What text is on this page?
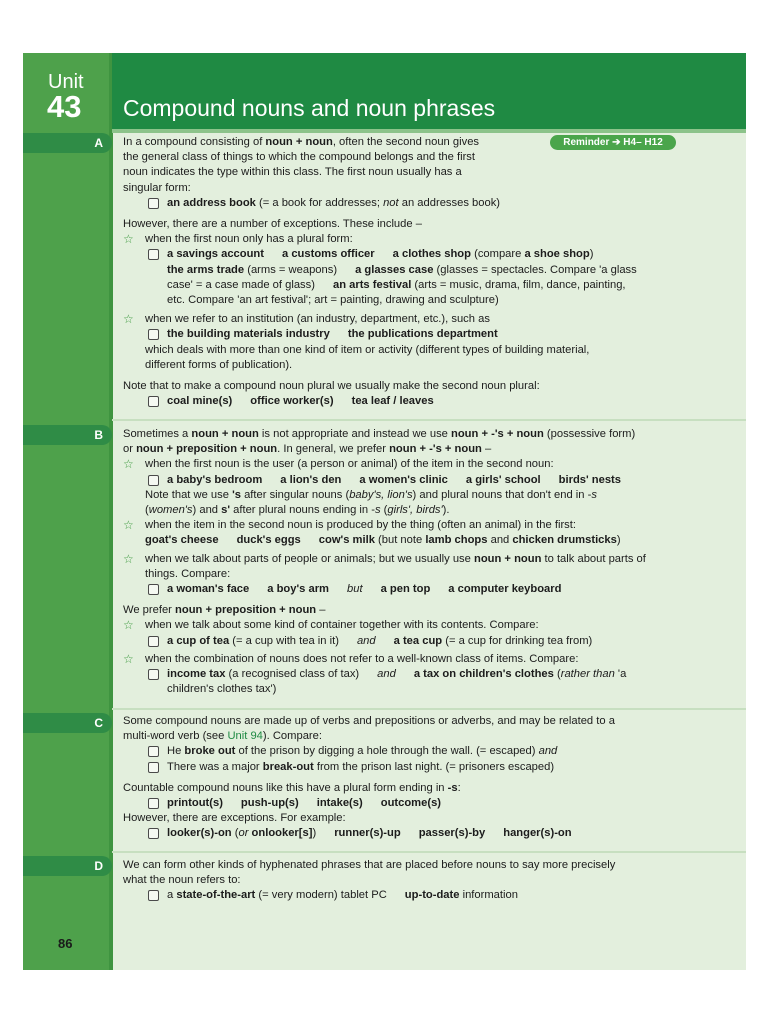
Unit
43 Compound nouns and noun phrases
A
B
C
D
Reminder ➔ H4– H12

In a compound consisting of noun + noun, often the second noun gives
the general class of things to which the compound belongs and the first
noun indicates the type within this class. The first noun usually has a
singular form:

an address book (= a book for addresses; not an addresses book)

However, there are a number of exceptions. These include –

☆ when the first noun only has a plural form:

a savings account a customs officer a clothes shop (compare a shoe shop)

the arms trade (arms = weapons) a glasses case (glasses = spectacles. Compare 'a glass
case' = a case made of glass) an arts festival (arts = music, drama, film, dance, painting,
etc. Compare 'an art festival'; art = painting, drawing and sculpture)

☆ when we refer to an institution (an industry, department, etc.), such as

the building materials industry the publications department

which deals with more than one kind of item or activity (different types of building material,
different forms of publication).

Note that to make a compound noun plural we usually make the second noun plural:

coal mine(s) office worker(s) tea leaf / leaves

Sometimes a noun + noun is not appropriate and instead we use noun + -'s + noun (possessive form)
or noun + preposition + noun. In general, we prefer noun + -'s + noun –

☆ when the first noun is the user (a person or animal) of the item in the second noun:

a baby's bedroom a lion's den a women's clinic a girls' school birds' nests

Note that we use 's after singular nouns (baby's, lion's) and plural nouns that don't end in -s
(women's) and s' after plural nouns ending in -s (girls', birds').

☆ when the item in the second noun is produced by the thing (often an animal) in the first:

goat's cheese duck's eggs cow's milk (but note lamb chops and chicken drumsticks)

☆ when we talk about parts of people or animals; but we usually use noun + noun to talk about parts of
things. Compare:

a woman's face a boy's arm but a pen top a computer keyboard

We prefer noun + preposition + noun –

☆ when we talk about some kind of container together with its contents. Compare:

a cup of tea (= a cup with tea in it) and a tea cup (= a cup for drinking tea from)

☆ when the combination of nouns does not refer to a well-known class of items. Compare:

income tax (a recognised class of tax) and a tax on children's clothes (rather than 'a
children's clothes tax')

Some compound nouns are made up of verbs and prepositions or adverbs, and may be related to a
multi-word verb (see Unit 94). Compare:

He broke out of the prison by digging a hole through the wall. (= escaped) and

There was a major break-out from the prison last night. (= prisoners escaped)

Countable compound nouns like this have a plural form ending in -s:

printout(s) push-up(s) intake(s) outcome(s)

However, there are exceptions. For example:

looker(s)-on (or onlooker[s]) runner(s)-up passer(s)-by hanger(s)-on

We can form other kinds of hyphenated phrases that are placed before nouns to say more precisely
what the noun refers to:

a state-of-the-art (= very modern) tablet PC up-to-date information

86
